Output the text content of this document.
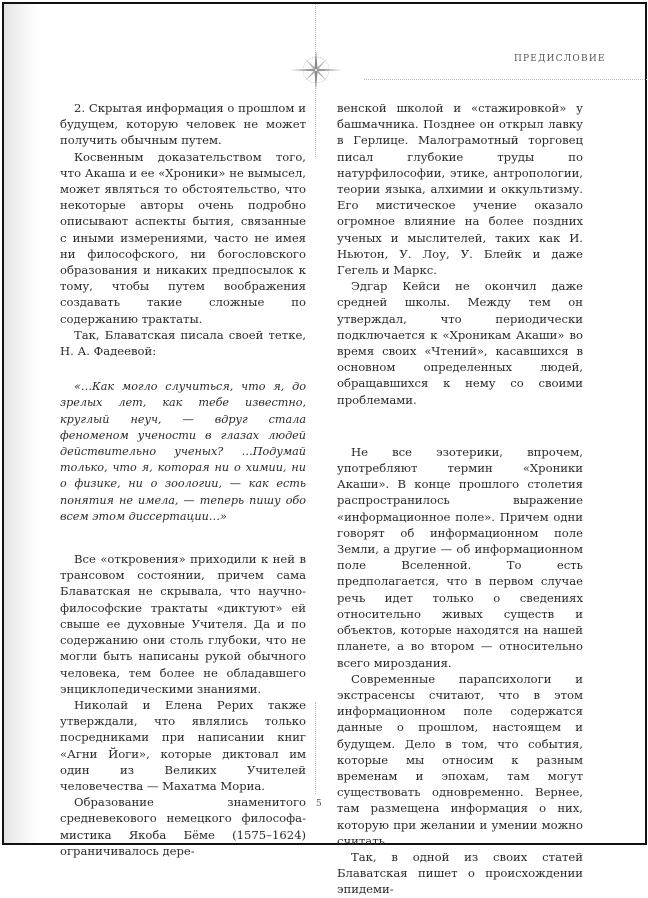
ПРЕДИСЛОВИЕ

2. Скрытая информация о прошлом и будущем, которую человек не может получить обычным путем.

Косвенным доказательством того, что Акаша и ее «Хроники» не вымысел, может являться то обстоятельство, что некоторые авторы очень подробно описывают аспекты бытия, связанные с иными измерениями, часто не имея ни философского, ни богословского образования и никаких предпосылок к тому, чтобы путем воображения создавать такие сложные по содержанию трактаты.

Так, Блаватская писала своей тетке, Н. А. Фадеевой:

«…Как могло случиться, что я, до зрелых лет, как тебе известно, круглый неуч, — вдруг стала феноменом учености в глазах людей действительно ученых? …Подумай только, что я, которая ни о химии, ни о физике, ни о зоологии, — как есть понятия не имела, — теперь пишу обо всем этом диссертации…»

Все «откровения» приходили к ней в трансовом состоянии, причем сама Блаватская не скрывала, что научно-философские трактаты «диктуют» ей свыше ее духовные Учителя. Да и по содержанию они столь глубоки, что не могли быть написаны рукой обычного человека, тем более не обладавшего энциклопедическими знаниями.

Николай и Елена Рерих также утверждали, что являлись только посредниками при написании книг «Агни Йоги», которые диктовал им один из Великих Учителей человечества — Махатма Мориа.

Образование знаменитого средневекового немецкого философа-мистика Якоба Бёме (1575–1624) ограничивалось дере-

венской школой и «стажировкой» у башмачника. Позднее он открыл лавку в Герлице. Малограмотный торговец писал глубокие труды по натурфилософии, этике, антропологии, теории языка, алхимии и оккультизму. Его мистическое учение оказало огромное влияние на более поздних ученых и мыслителей, таких как И. Ньютон, У. Лоу, У. Блейк и даже Гегель и Маркс.

Эдгар Кейси не окончил даже средней школы. Между тем он утверждал, что периодически подключается к «Хроникам Акаши» во время своих «Чтений», касавшихся в основном определенных людей, обращавшихся к нему со своими проблемами.

Не все эзотерики, впрочем, употребляют термин «Хроники Акаши». В конце прошлого столетия распространилось выражение «информационное поле». Причем одни говорят об информационном поле Земли, а другие — об информационном поле Вселенной. То есть предполагается, что в первом случае речь идет только о сведениях относительно живых существ и объектов, которые находятся на нашей планете, а во втором — относительно всего мироздания.

Современные парапсихологи и экстрасенсы считают, что в этом информационном поле содержатся данные о прошлом, настоящем и будущем. Дело в том, что события, которые мы относим к разным временам и эпохам, там могут существовать одновременно. Вернее, там размещена информация о них, которую при желании и умении можно считать.

Так, в одной из своих статей Блаватская пишет о происхождении эпидеми-

5
